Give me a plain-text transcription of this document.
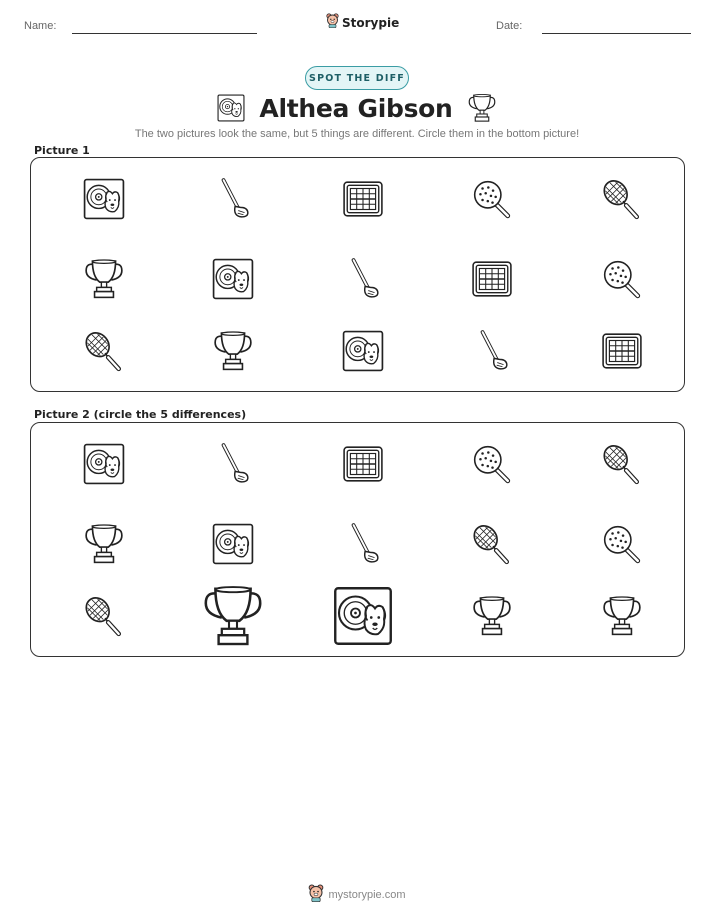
Name:	Storypie	Date:
SPOT THE DIFF
Althea Gibson
The two pictures look the same, but 5 things are different. Circle them in the bottom picture!
Picture 1
Picture 2 (circle the 5 differences)
mystorypie.com
